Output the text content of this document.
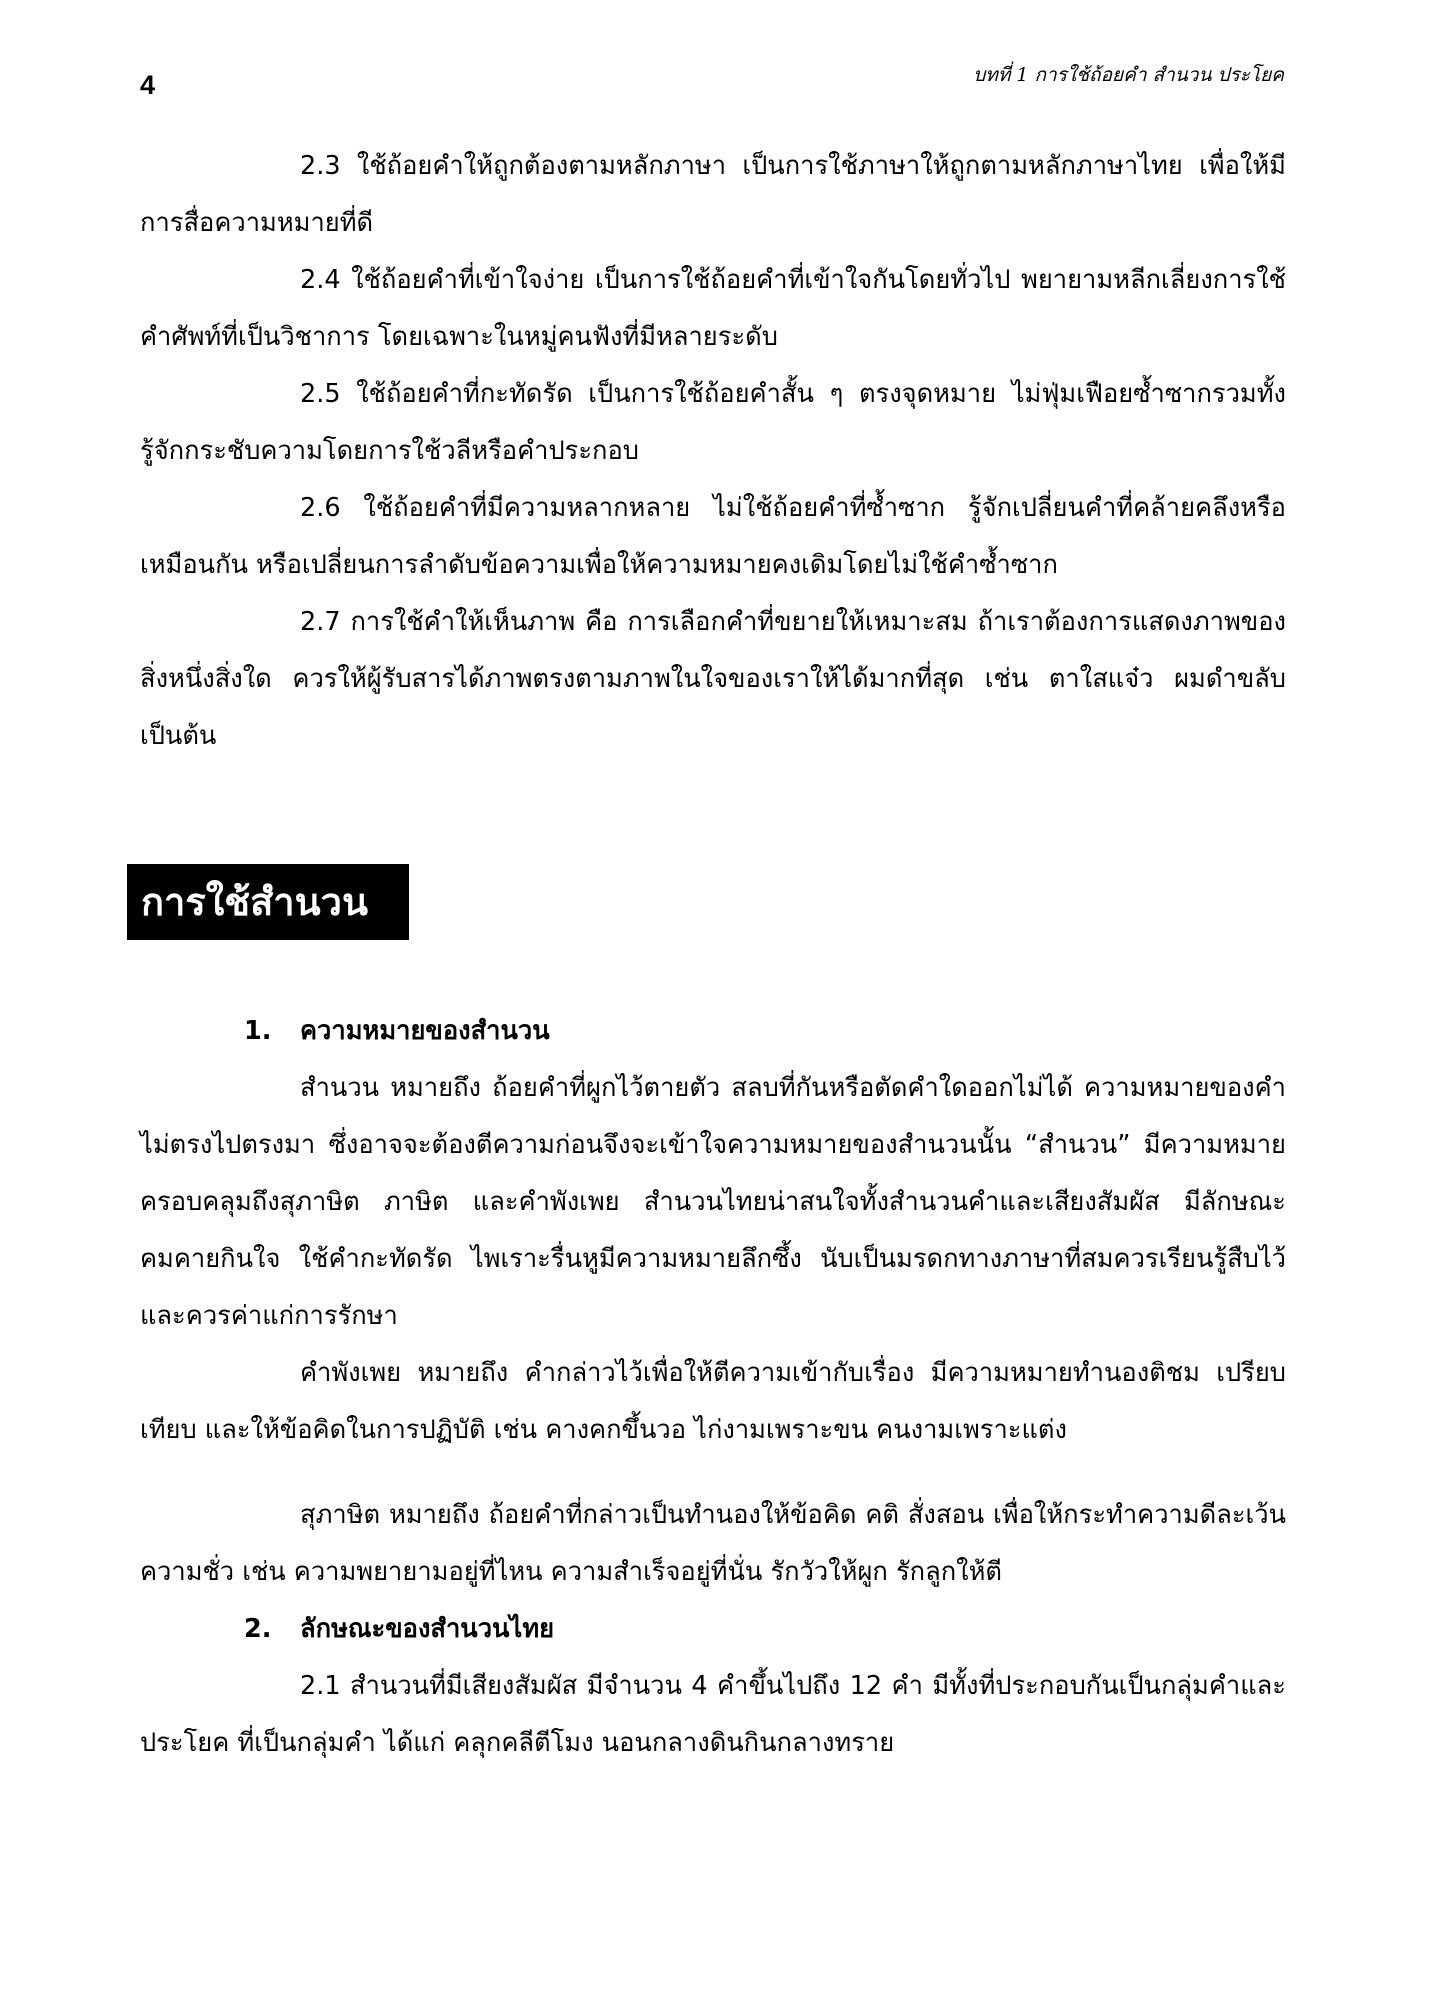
4	บทที่ 1 การใช้ถ้อยคำ สำนวน ประโยค

2.3 ใช้ถ้อยคำให้ถูกต้องตามหลักภาษา เป็นการใช้ภาษาให้ถูกตามหลักภาษาไทย เพื่อให้มีการสื่อความหมายที่ดี

2.4 ใช้ถ้อยคำที่เข้าใจง่าย เป็นการใช้ถ้อยคำที่เข้าใจกันโดยทั่วไป พยายามหลีกเลี่ยงการใช้คำศัพท์ที่เป็นวิชาการ โดยเฉพาะในหมู่คนฟังที่มีหลายระดับ

2.5 ใช้ถ้อยคำที่กะทัดรัด เป็นการใช้ถ้อยคำสั้น ๆ ตรงจุดหมาย ไม่ฟุ่มเฟือยซ้ำซากรวมทั้งรู้จักกระชับความโดยการใช้วลีหรือคำประกอบ

2.6 ใช้ถ้อยคำที่มีความหลากหลาย ไม่ใช้ถ้อยคำที่ซ้ำซาก รู้จักเปลี่ยนคำที่คล้ายคลึงหรือเหมือนกัน หรือเปลี่ยนการลำดับข้อความเพื่อให้ความหมายคงเดิมโดยไม่ใช้คำซ้ำซาก

2.7 การใช้คำให้เห็นภาพ คือ การเลือกคำที่ขยายให้เหมาะสม ถ้าเราต้องการแสดงภาพของสิ่งหนึ่งสิ่งใด ควรให้ผู้รับสารได้ภาพตรงตามภาพในใจของเราให้ได้มากที่สุด เช่น ตาใสแจ๋ว ผมดำขลับ เป็นต้น

การใช้สำนวน

1. ความหมายของสำนวน

สำนวน หมายถึง ถ้อยคำที่ผูกไว้ตายตัว สลบที่กันหรือตัดคำใดออกไม่ได้ ความหมายของคำไม่ตรงไปตรงมา ซึ่งอาจจะต้องตีความก่อนจึงจะเข้าใจความหมายของสำนวนนั้น “สำนวน” มีความหมายครอบคลุมถึงสุภาษิต ภาษิต และคำพังเพย สำนวนไทยน่าสนใจทั้งสำนวนคำและเสียงสัมผัส มีลักษณะคมคายกินใจ ใช้คำกะทัดรัด ไพเราะรื่นหูมีความหมายลึกซึ้ง นับเป็นมรดกทางภาษาที่สมควรเรียนรู้สืบไว้และควรค่าแก่การรักษา

คำพังเพย หมายถึง คำกล่าวไว้เพื่อให้ตีความเข้ากับเรื่อง มีความหมายทำนองติชม เปรียบเทียบ และให้ข้อคิดในการปฏิบัติ เช่น คางคกขึ้นวอ ไก่งามเพราะขน คนงามเพราะแต่ง

สุภาษิต หมายถึง ถ้อยคำที่กล่าวเป็นทำนองให้ข้อคิด คติ สั่งสอน เพื่อให้กระทำความดีละเว้นความชั่ว เช่น ความพยายามอยู่ที่ไหน ความสำเร็จอยู่ที่นั่น รักวัวให้ผูก รักลูกให้ตี

2. ลักษณะของสำนวนไทย

2.1 สำนวนที่มีเสียงสัมผัส มีจำนวน 4 คำขึ้นไปถึง 12 คำ มีทั้งที่ประกอบกันเป็นกลุ่มคำและประโยค ที่เป็นกลุ่มคำ ได้แก่ คลุกคลีตีโมง นอนกลางดินกินกลางทราย
